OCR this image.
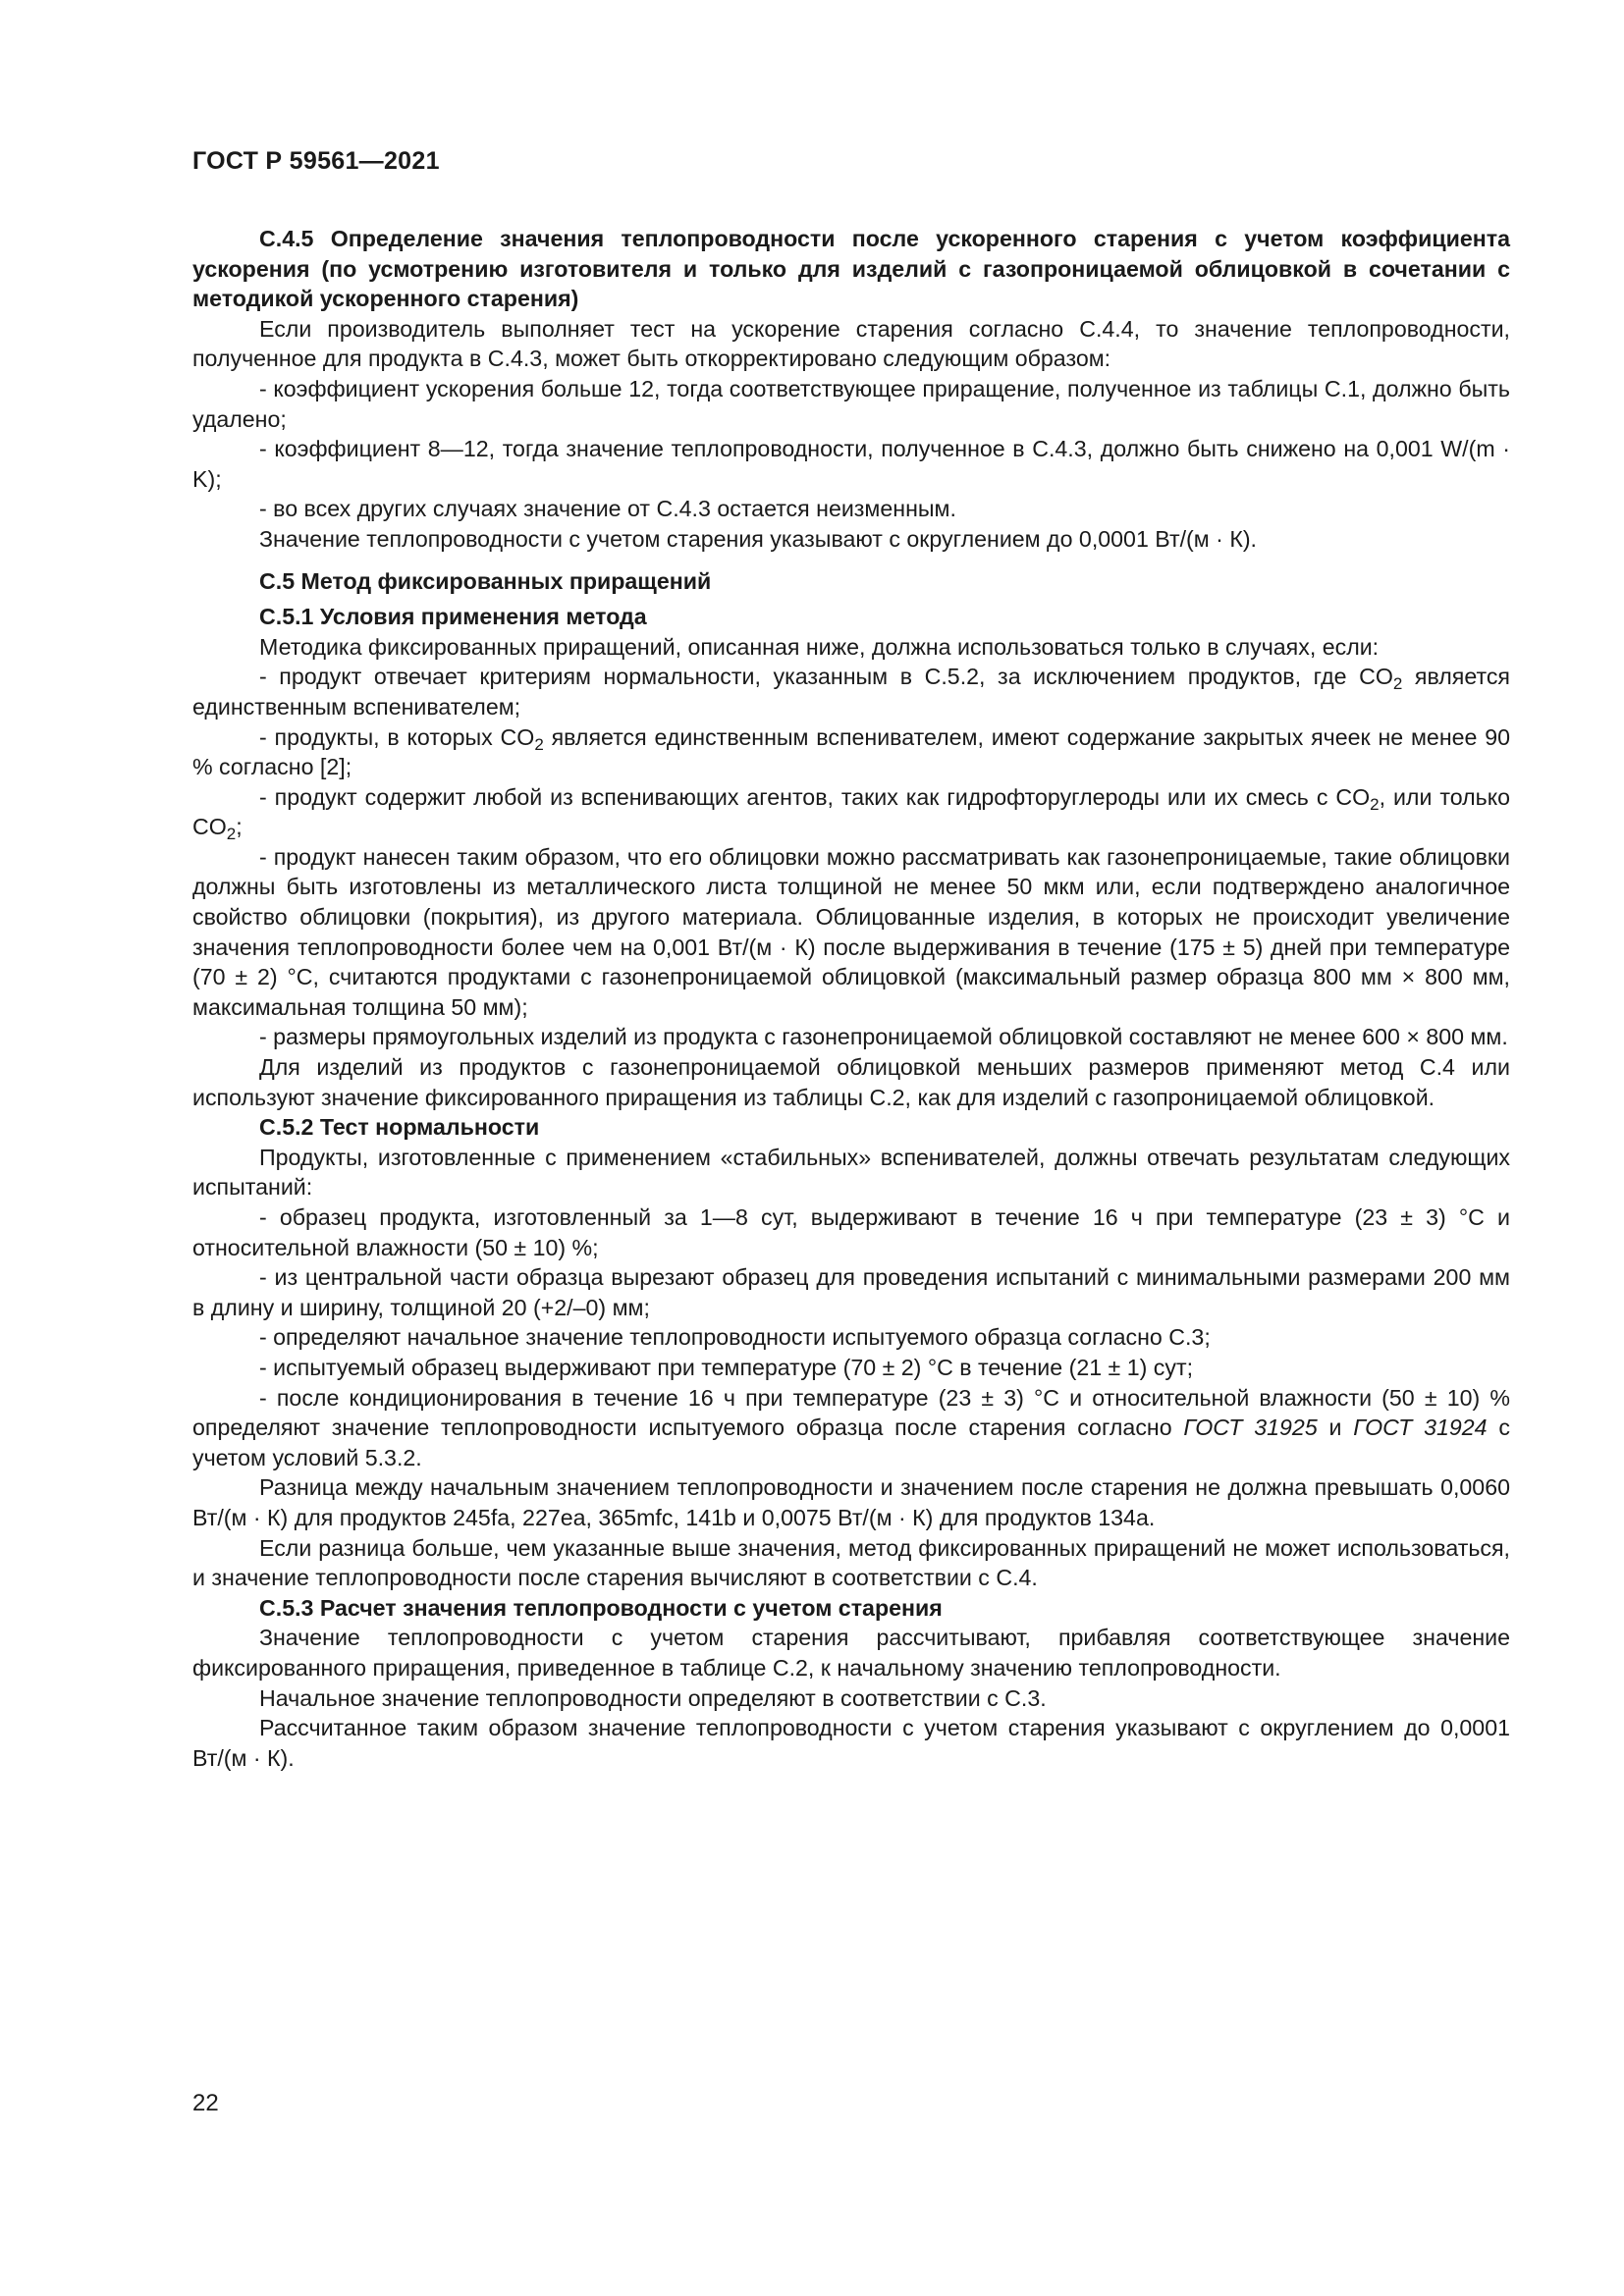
ГОСТ Р 59561—2021

С.4.5 Определение значения теплопроводности после ускоренного старения с учетом коэффициента ускорения (по усмотрению изготовителя и только для изделий с газопроницаемой облицовкой в сочетании с методикой ускоренного старения)

Если производитель выполняет тест на ускорение старения согласно С.4.4, то значение теплопроводности, полученное для продукта в С.4.3, может быть откорректировано следующим образом:

- коэффициент ускорения больше 12, тогда соответствующее приращение, полученное из таблицы С.1, должно быть удалено;

- коэффициент 8—12, тогда значение теплопроводности, полученное в С.4.3, должно быть снижено на 0,001 W/(m · K);

- во всех других случаях значение от С.4.3 остается неизменным.

Значение теплопроводности с учетом старения указывают с округлением до 0,0001 Вт/(м · К).

С.5 Метод фиксированных приращений

С.5.1 Условия применения метода

Методика фиксированных приращений, описанная ниже, должна использоваться только в случаях, если:

- продукт отвечает критериям нормальности, указанным в С.5.2, за исключением продуктов, где $CO_2$ является единственным вспенивателем;

- продукты, в которых $CO_2$ является единственным вспенивателем, имеют содержание закрытых ячеек не менее 90 % согласно [2];

- продукт содержит любой из вспенивающих агентов, таких как гидрофторуглероды или их смесь с $CO_2$, или только $CO_2$;

- продукт нанесен таким образом, что его облицовки можно рассматривать как газонепроницаемые, такие облицовки должны быть изготовлены из металлического листа толщиной не менее 50 мкм или, если подтверждено аналогичное свойство облицовки (покрытия), из другого материала. Облицованные изделия, в которых не происходит увеличение значения теплопроводности более чем на 0,001 Вт/(м · К) после выдерживания в течение (175 ± 5) дней при температуре (70 ± 2) °С, считаются продуктами с газонепроницаемой облицовкой (максимальный размер образца 800 мм × 800 мм, максимальная толщина 50 мм);

- размеры прямоугольных изделий из продукта с газонепроницаемой облицовкой составляют не менее 600 × 800 мм.

Для изделий из продуктов с газонепроницаемой облицовкой меньших размеров применяют метод С.4 или используют значение фиксированного приращения из таблицы С.2, как для изделий с газопроницаемой облицовкой.

С.5.2 Тест нормальности

Продукты, изготовленные с применением «стабильных» вспенивателей, должны отвечать результатам следующих испытаний:

- образец продукта, изготовленный за 1—8 сут, выдерживают в течение 16 ч при температуре (23 ± 3) °С и относительной влажности (50 ± 10) %;

- из центральной части образца вырезают образец для проведения испытаний с минимальными размерами 200 мм в длину и ширину, толщиной 20 (+2/–0) мм;

- определяют начальное значение теплопроводности испытуемого образца согласно С.3;

- испытуемый образец выдерживают при температуре (70 ± 2) °С в течение (21 ± 1) сут;

- после кондиционирования в течение 16 ч при температуре (23 ± 3) °С и относительной влажности (50 ± 10) % определяют значение теплопроводности испытуемого образца после старения согласно ГОСТ 31925 и ГОСТ 31924 с учетом условий 5.3.2.

Разница между начальным значением теплопроводности и значением после старения не должна превышать 0,0060 Вт/(м · К) для продуктов 245fa, 227ea, 365mfc, 141b и 0,0075 Вт/(м · К) для продуктов 134a.

Если разница больше, чем указанные выше значения, метод фиксированных приращений не может использоваться, и значение теплопроводности после старения вычисляют в соответствии с С.4.

С.5.3 Расчет значения теплопроводности с учетом старения

Значение теплопроводности с учетом старения рассчитывают, прибавляя соответствующее значение фиксированного приращения, приведенное в таблице С.2, к начальному значению теплопроводности.

Начальное значение теплопроводности определяют в соответствии с С.3.

Рассчитанное таким образом значение теплопроводности с учетом старения указывают с округлением до 0,0001 Вт/(м · К).

22
